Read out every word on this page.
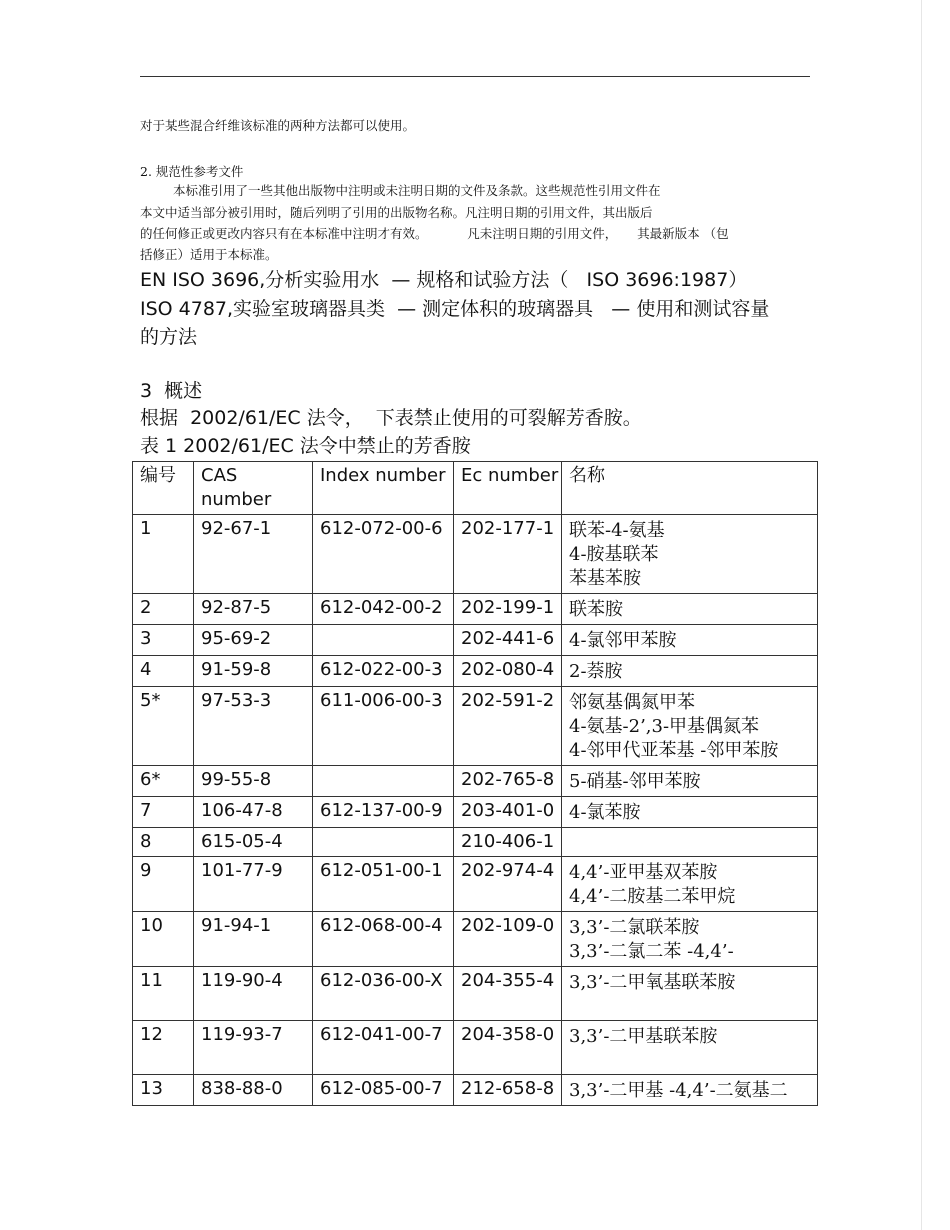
对于某些混合纤维该标准的两种方法都可以使用。
2. 规范性参考文件
本标准引用了一些其他出版物中注明或未注明日期的文件及条款。这些规范性引用文件在
本文中适当部分被引用时，随后列明了引用的出版物名称。凡注明日期的引用文件，其出版后
的任何修正或更改内容只有在本标准中注明才有效。          凡未注明日期的引用文件，     其最新版本 （包
括修正）适用于本标准。
EN ISO 3696,分析实验用水  — 规格和试验方法（   ISO 3696:1987）
ISO 4787,实验室玻璃器具类  — 测定体积的玻璃器具   — 使用和测试容量
的方法
3  概述
根据  2002/61/EC 法令，  下表禁止使用的可裂解芳香胺。
表 1 2002/61/EC 法令中禁止的芳香胺
编号	CAS number	Index number	Ec number	名称
1	92-67-1	612-072-00-6	202-177-1	联苯-4-氨基
4-胺基联苯
苯基苯胺

2	92-87-5	612-042-00-2	202-199-1	联苯胺

3	95-69-2		202-441-6	4-氯邻甲苯胺

4	91-59-8	612-022-00-3	202-080-4	2-萘胺

5*	97-53-3	611-006-00-3	202-591-2	邻氨基偶氮甲苯
4-氨基-2’,3-甲基偶氮苯
4-邻甲代亚苯基 -邻甲苯胺

6*	99-55-8		202-765-8	5-硝基-邻甲苯胺

7	106-47-8	612-137-00-9	203-401-0	4-氯苯胺

8	615-05-4		210-406-1	
9	101-77-9	612-051-00-1	202-974-4	4,4’-亚甲基双苯胺
4,4’-二胺基二苯甲烷

10	91-94-1	612-068-00-4	202-109-0	3,3’-二氯联苯胺
3,3’-二氯二苯 -4,4’-

11	119-90-4	612-036-00-X	204-355-4	3,3’-二甲氧基联苯胺

12	119-93-7	612-041-00-7	204-358-0	3,3’-二甲基联苯胺

13	838-88-0	612-085-00-7	212-658-8	3,3’-二甲基 -4,4’-二氨基二
